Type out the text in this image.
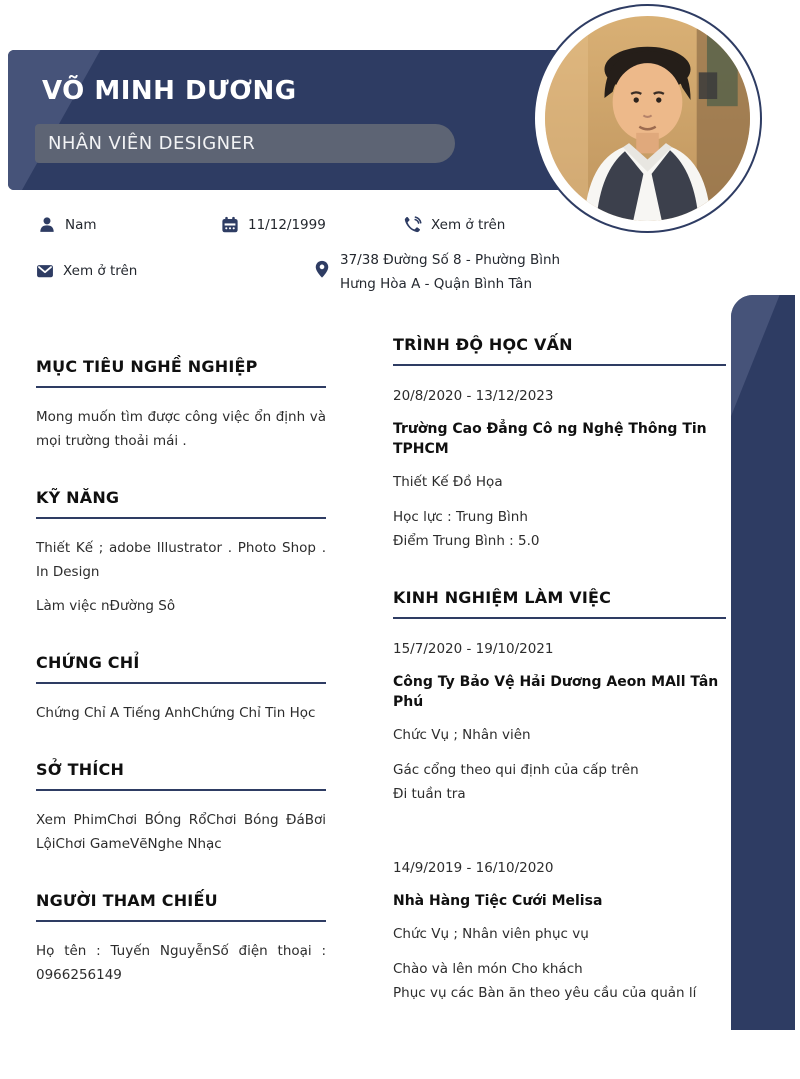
VÕ MINH DƯƠNG
NHÂN VIÊN DESIGNER
Nam	11/12/1999	Xem ở trên
Xem ở trên
37/38 Đường Số 8 - Phường Bình
Hưng Hòa A - Quận Bình Tân
MỤC TIÊU NGHỀ NGHIỆP
Mong muốn tìm được công việc ổn định và mọi trường thoải mái .
KỸ NĂNG
Thiết Kế ; adobe Illustrator . Photo Shop . In Design
Làm việc nĐường Sô
CHỨNG CHỈ
Chứng Chỉ A Tiếng AnhChứng Chỉ Tin Học
SỞ THÍCH
Xem PhimChơi BÓng RổChơi Bóng ĐáBơi LộiChơi GameVẽNghe Nhạc
NGƯỜI THAM CHIẾU
Họ tên : Tuyến NguyễnSố điện thoại : 0966256149
TRÌNH ĐỘ HỌC VẤN
20/8/2020 - 13/12/2023
Trường Cao Đẳng Cô ng Nghệ Thông Tin TPHCM
Thiết Kế Đồ Họa
Học lực : Trung Bình
Điểm Trung Bình : 5.0
KINH NGHIỆM LÀM VIỆC
15/7/2020 - 19/10/2021
Công Ty Bảo Vệ Hải Dương Aeon MAll Tân Phú
Chức Vụ ; Nhân viên
Gác cổng theo qui định của cấp trên
Đi tuần tra
14/9/2019 - 16/10/2020
Nhà Hàng Tiệc Cưới Melisa
Chức Vụ ; Nhân viên phục vụ
Chào và lên món Cho khách
Phục vụ các Bàn ăn theo yêu cầu của quản lí
